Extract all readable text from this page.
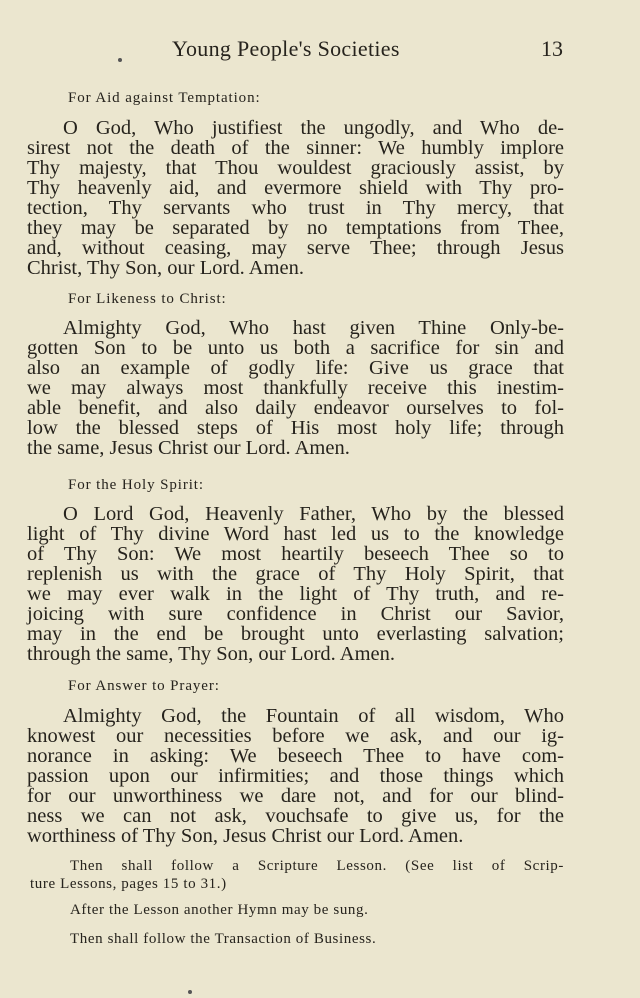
Young People's Societies	13
For Aid against Temptation:
O God, Who justifiest the ungodly, and Who de-
sirest not the death of the sinner: We humbly implore
Thy majesty, that Thou wouldest graciously assist, by
Thy heavenly aid, and evermore shield with Thy pro-
tection, Thy servants who trust in Thy mercy, that
they may be separated by no temptations from Thee,
and, without ceasing, may serve Thee; through Jesus
Christ, Thy Son, our Lord. Amen.
For Likeness to Christ:
Almighty God, Who hast given Thine Only-be-
gotten Son to be unto us both a sacrifice for sin and
also an example of godly life: Give us grace that
we may always most thankfully receive this inestim-
able benefit, and also daily endeavor ourselves to fol-
low the blessed steps of His most holy life; through
the same, Jesus Christ our Lord. Amen.
For the Holy Spirit:
O Lord God, Heavenly Father, Who by the blessed
light of Thy divine Word hast led us to the knowledge
of Thy Son: We most heartily beseech Thee so to
replenish us with the grace of Thy Holy Spirit, that
we may ever walk in the light of Thy truth, and re-
joicing with sure confidence in Christ our Savior,
may in the end be brought unto everlasting salvation;
through the same, Thy Son, our Lord. Amen.
For Answer to Prayer:
Almighty God, the Fountain of all wisdom, Who
knowest our necessities before we ask, and our ig-
norance in asking: We beseech Thee to have com-
passion upon our infirmities; and those things which
for our unworthiness we dare not, and for our blind-
ness we can not ask, vouchsafe to give us, for the
worthiness of Thy Son, Jesus Christ our Lord. Amen.
Then shall follow a Scripture Lesson. (See list of Scrip-
ture Lessons, pages 15 to 31.)
After the Lesson another Hymn may be sung.
Then shall follow the Transaction of Business.
